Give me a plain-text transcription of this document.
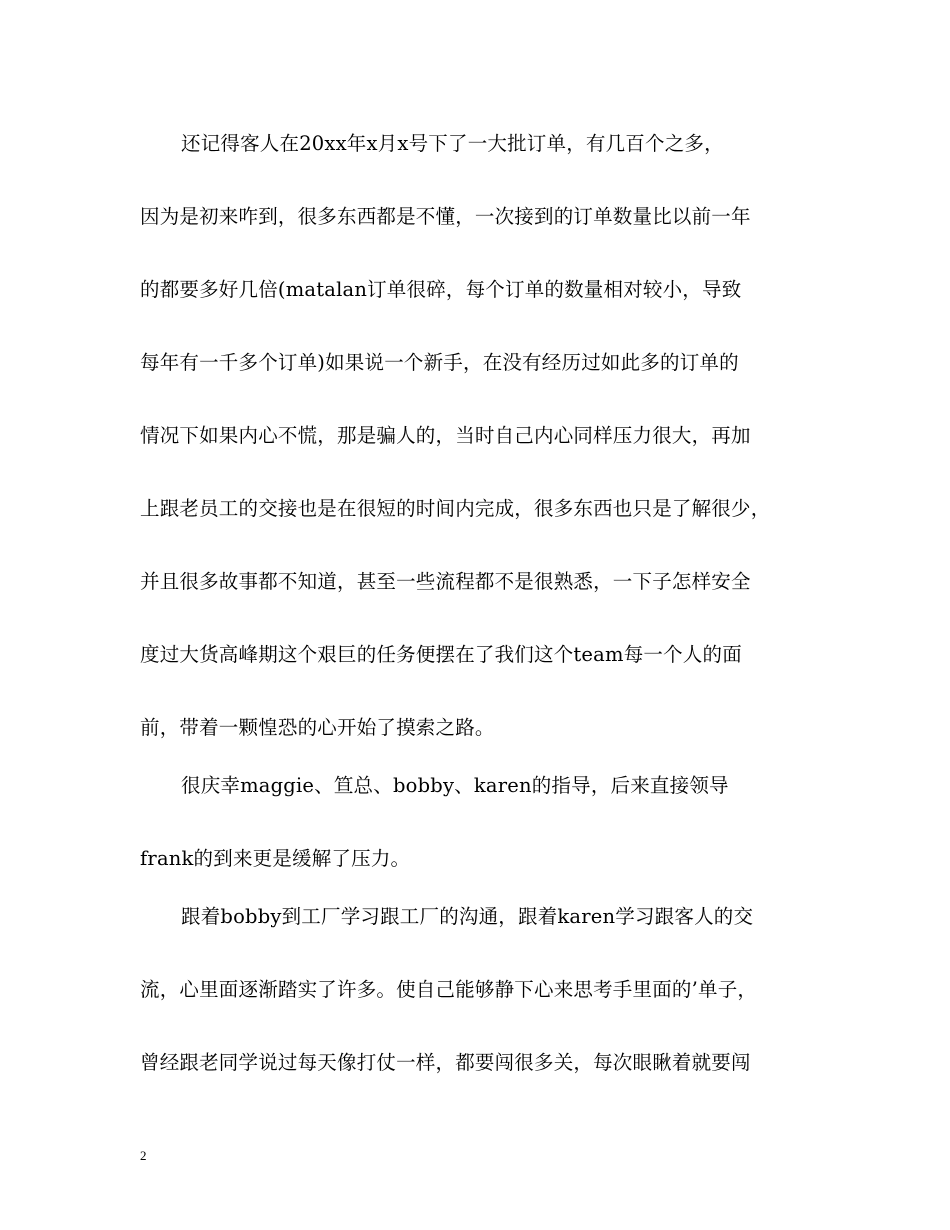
还记得客人在20xx年x月x号下了一大批订单，有几百个之多，
因为是初来咋到，很多东西都是不懂，一次接到的订单数量比以前一年
的都要多好几倍(matalan订单很碎，每个订单的数量相对较小，导致
每年有一千多个订单)如果说一个新手，在没有经历过如此多的订单的
情况下如果内心不慌，那是骗人的，当时自己内心同样压力很大，再加
上跟老员工的交接也是在很短的时间内完成，很多东西也只是了解很少，
并且很多故事都不知道，甚至一些流程都不是很熟悉，一下子怎样安全
度过大货高峰期这个艰巨的任务便摆在了我们这个team每一个人的面
前，带着一颗惶恐的心开始了摸索之路。
很庆幸maggie、笪总、bobby、karen的指导，后来直接领导
frank的到来更是缓解了压力。
跟着bobby到工厂学习跟工厂的沟通，跟着karen学习跟客人的交
流，心里面逐渐踏实了许多。使自己能够静下心来思考手里面的’单子，
曾经跟老同学说过每天像打仗一样，都要闯很多关，每次眼瞅着就要闯
2
